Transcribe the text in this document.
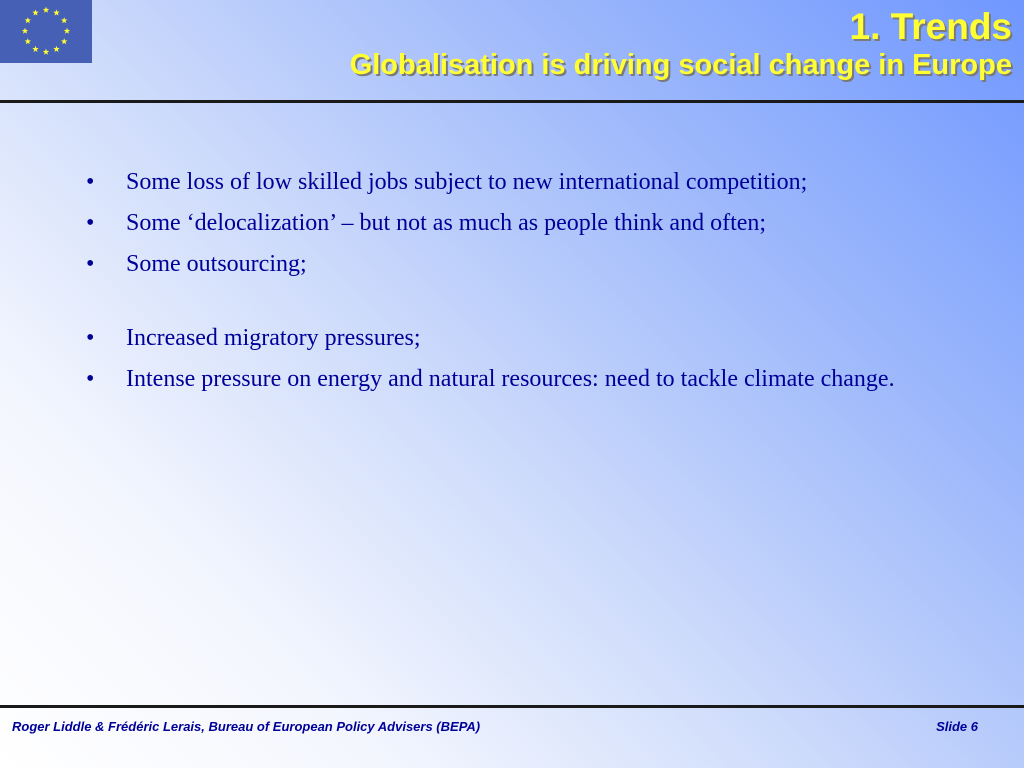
1. Trends
Globalisation is driving social change in Europe
• Some loss of low skilled jobs subject to new international competition;
• Some ‘delocalization’ – but not as much as people think and often;
• Some outsourcing;
• Increased migratory pressures;
• Intense pressure on energy and natural resources: need to tackle climate change.
Roger Liddle & Frédéric Lerais, Bureau of European Policy Advisers (BEPA)	Slide 6
